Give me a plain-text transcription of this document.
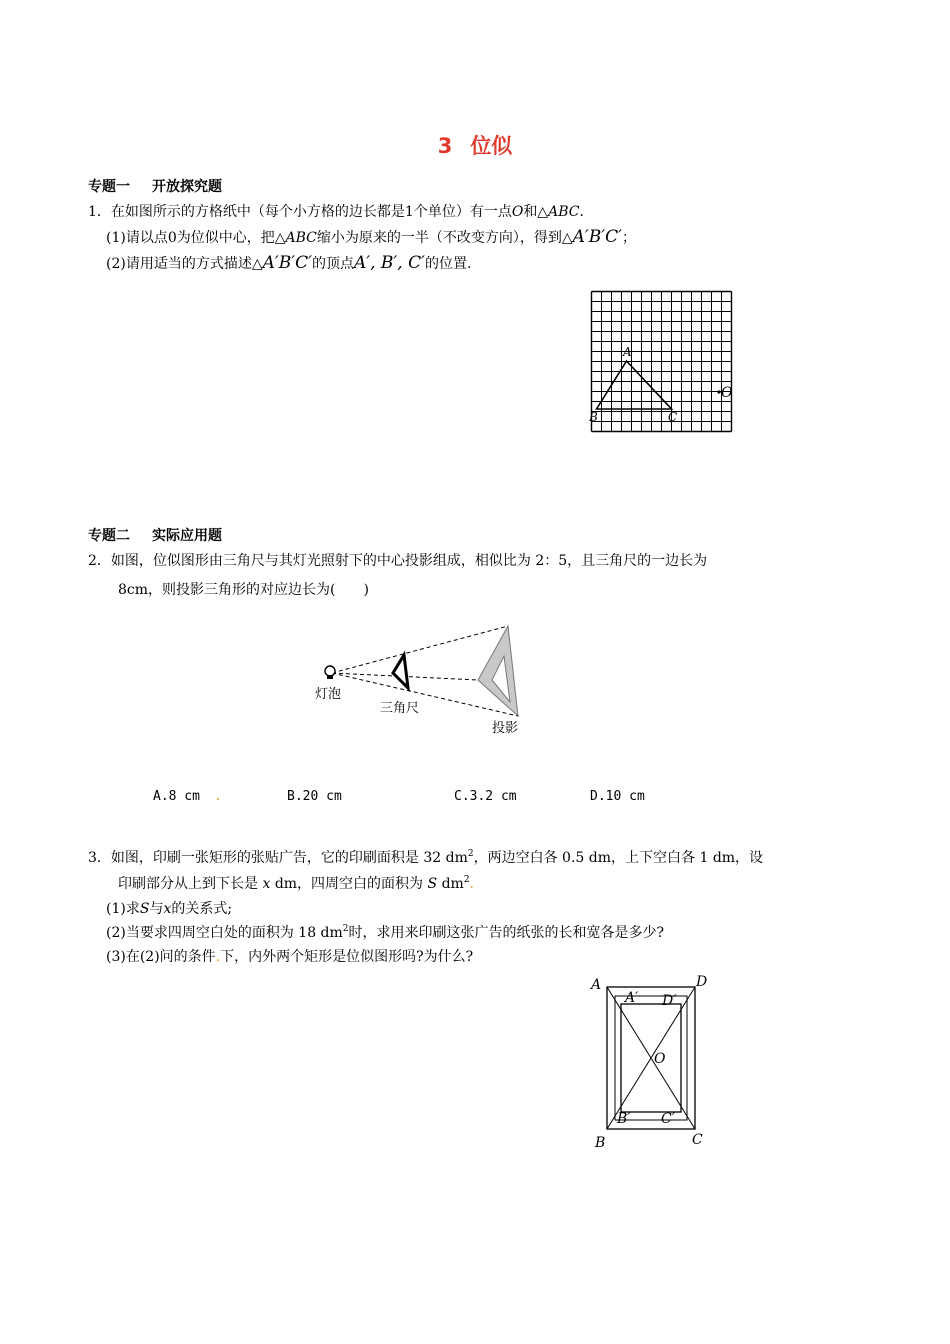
3 位似
专题一 开放探究题
1．在如图所示的方格纸中（每个小方格的边长都是1个单位）有一点O和△ABC.
(1)请以点0为位似中心，把△ABC缩小为原来的一半（不改变方向），得到△A′B′C′；
(2)请用适当的方式描述△A′B′C′的顶点A′, B′, C′的位置.
A
B	C
O
专题二 实际应用题
2．如图，位似图形由三角尺与其灯光照射下的中心投影组成，相似比为 2：5，且三角尺的一边长为
8cm，则投影三角形的对应边长为(　　)
灯泡
三角尺
投影
A.8 cm .	B.20 cm	C.3.2 cm	D.10 cm
3．如图，印刷一张矩形的张贴广告，它的印刷面积是 32 $dm^2$，两边空白各 0.5 dm，上下空白各 1 dm，设
印刷部分从上到下长是 x dm，四周空白的面积为 S $dm^2$.
(1)求S与x的关系式;
(2)当要求四周空白处的面积为 18 $dm^2$时，求用来印刷这张广告的纸张的长和宽各是多少?
(3)在(2)问的条件.下，内外两个矩形是位似图形吗?为什么?
A	D
A′ D′
O
B′ C′
B	C
